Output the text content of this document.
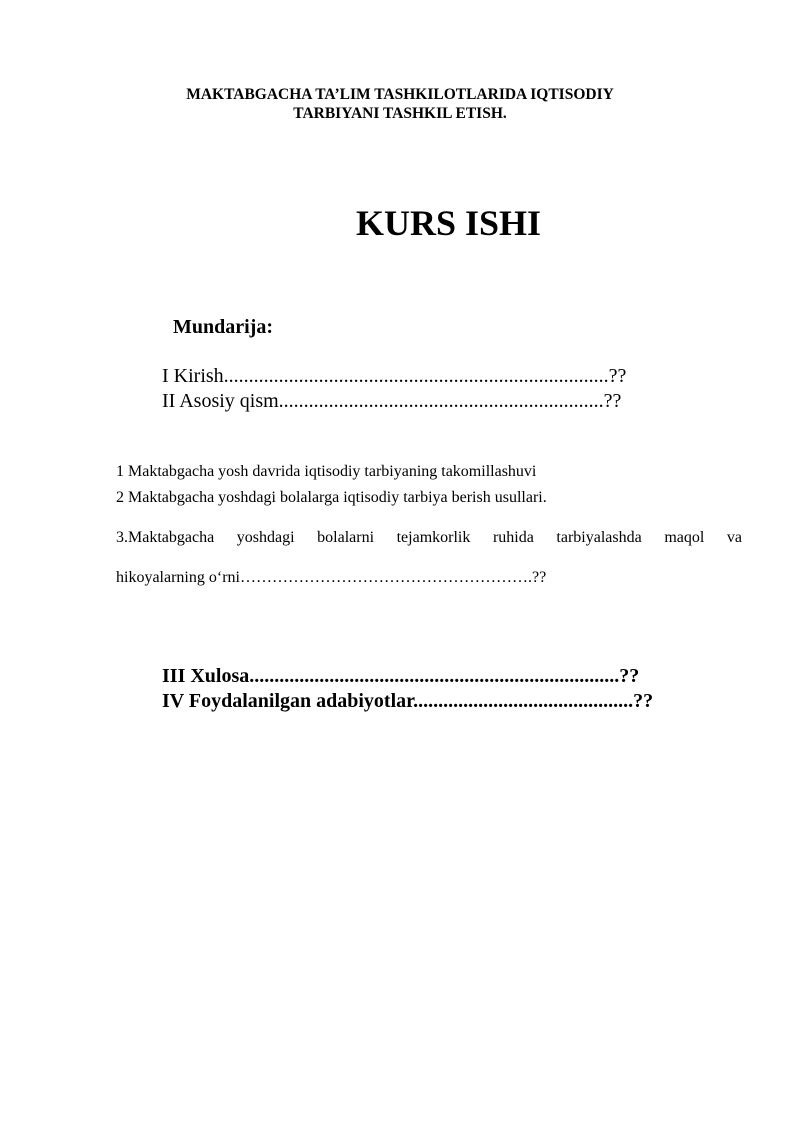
MAKTABGACHA TA’LIM TASHKILOTLARIDA IQTISODIY
TARBIYANI TASHKIL ETISH.
KURS ISHI
Mundarija:
I Kirish.............................................................................??
II Asosiy qism.................................................................??
1 Maktabgacha yosh davrida iqtisodiy tarbiyaning takomillashuvi
2 Maktabgacha yoshdagi bolalarga iqtisodiy tarbiya berish usullari.
3.Maktabgacha yoshdagi bolalarni tejamkorlik ruhida tarbiyalashda maqol va
hikoyalarning o‘rni……………………………………………….??
III Xulosa..........................................................................??
IV Foydalanilgan adabiyotlar............................................??
